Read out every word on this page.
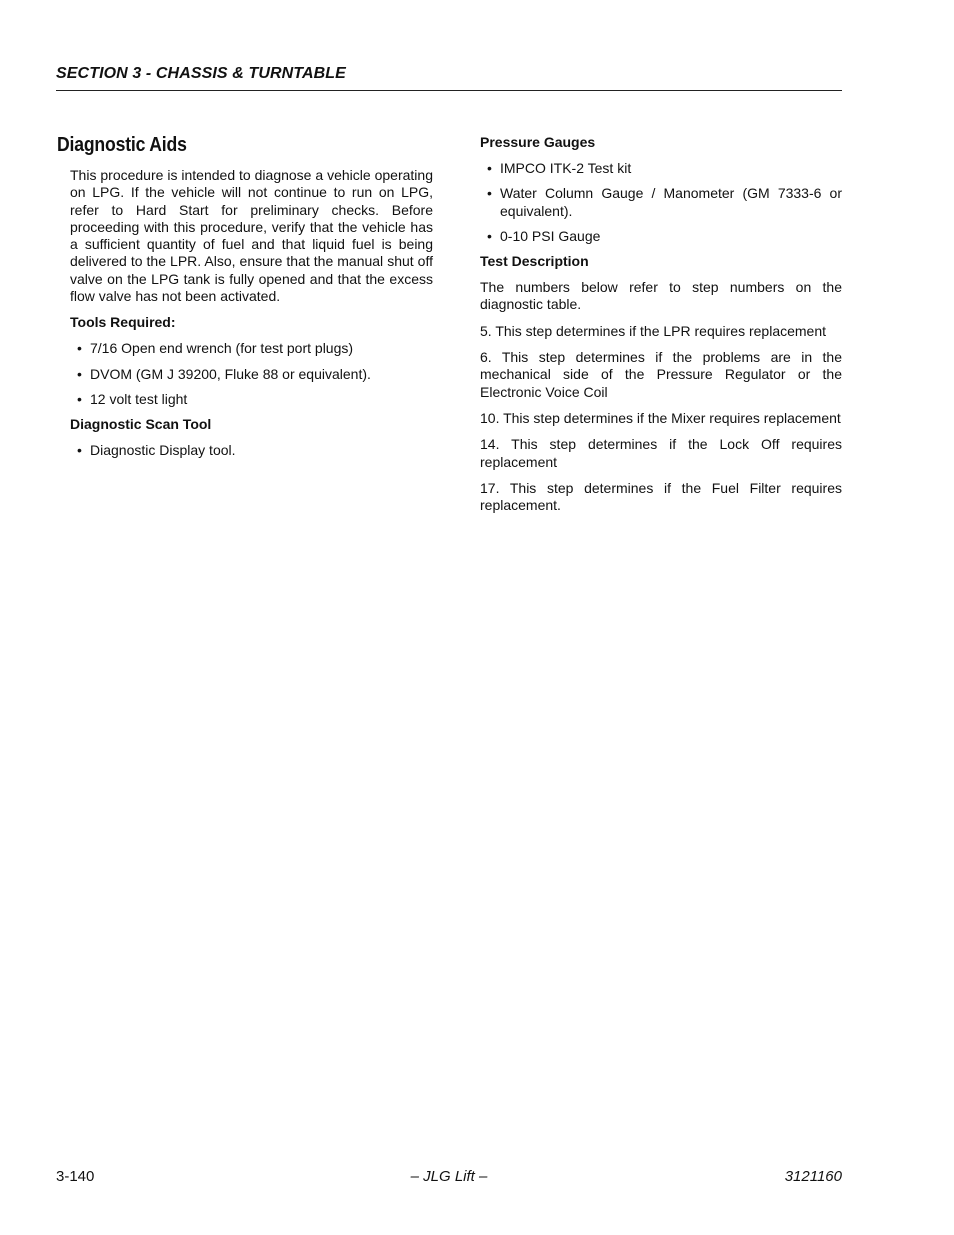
SECTION 3 - CHASSIS & TURNTABLE
Diagnostic Aids

This procedure is intended to diagnose a vehicle operating on LPG. If the vehicle will not continue to run on LPG, refer to Hard Start for preliminary checks. Before proceeding with this procedure, verify that the vehicle has a sufficient quantity of fuel and that liquid fuel is being delivered to the LPR. Also, ensure that the manual shut off valve on the LPG tank is fully opened and that the excess flow valve has not been activated.

Tools Required:
• 7/16 Open end wrench (for test port plugs)
• DVOM (GM J 39200, Fluke 88 or equivalent).
• 12 volt test light
Diagnostic Scan Tool
• Diagnostic Display tool.
Pressure Gauges
• IMPCO ITK-2 Test kit
• Water Column Gauge / Manometer (GM 7333-6 or equivalent).
• 0-10 PSI Gauge
Test Description

The numbers below refer to step numbers on the diagnostic table.

5. This step determines if the LPR requires replacement

6. This step determines if the problems are in the mechanical side of the Pressure Regulator or the Electronic Voice Coil

10. This step determines if the Mixer requires replacement

14. This step determines if the Lock Off requires replacement

17. This step determines if the Fuel Filter requires replacement.

3-140	– JLG Lift –	3121160
